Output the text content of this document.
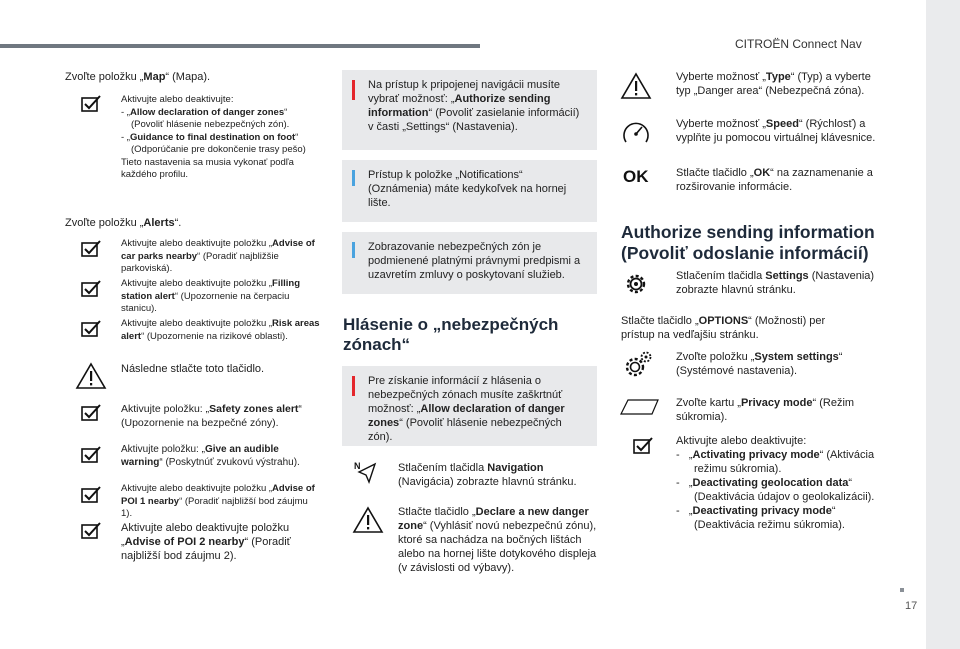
CITROËN Connect Nav
17
Zvoľte položku „Map“ (Mapa).
Aktivujte alebo deaktivujte:
- „Allow declaration of danger zones“ (Povoliť hlásenie nebezpečných zón).
- „Guidance to final destination on foot“ (Odporúčanie pre dokončenie trasy pešo)
Tieto nastavenia sa musia vykonať podľa každého profilu.
Zvoľte položku „Alerts“.
Aktivujte alebo deaktivujte položku „Advise of car parks nearby“ (Poradiť najbližšie parkoviská).
Aktivujte alebo deaktivujte položku „Filling station alert“ (Upozornenie na čerpaciu stanicu).
Aktivujte alebo deaktivujte položku „Risk areas alert“ (Upozornenie na rizikové oblasti).
Následne stlačte toto tlačidlo.
Aktivujte položku: „Safety zones alert“ (Upozornenie na bezpečné zóny).
Aktivujte položku: „Give an audible warning“ (Poskytnúť zvukovú výstrahu).
Aktivujte alebo deaktivujte položku „Advise of POI 1 nearby“ (Poradiť najbližší bod záujmu 1).
Aktivujte alebo deaktivujte položku „Advise of POI 2 nearby“ (Poradiť najbližší bod záujmu 2).
Na prístup k pripojenej navigácii musíte vybrať možnosť: „Authorize sending information“ (Povoliť zasielanie informácií) v časti „Settings“ (Nastavenia).
Prístup k položke „Notifications“ (Oznámenia) máte kedykoľvek na hornej lište.
Zobrazovanie nebezpečných zón je podmienené platnými právnymi predpismi a uzavretím zmluvy o poskytovaní služieb.
Hlásenie o „nebezpečných zónach“
Pre získanie informácií z hlásenia o nebezpečných zónach musíte zaškrtnúť možnosť: „Allow declaration of danger zones“ (Povoliť hlásenie nebezpečných zón).
N	Stlačením tlačidla Navigation (Navigácia) zobrazte hlavnú stránku.
Stlačte tlačidlo „Declare a new danger zone“ (Vyhlásiť novú nebezpečnú zónu), ktoré sa nachádza na bočných lištách alebo na hornej lište dotykového displeja (v závislosti od výbavy).
Vyberte možnosť „Type“ (Typ) a vyberte typ „Danger area“ (Nebezpečná zóna).
Vyberte možnosť „Speed“ (Rýchlosť) a vyplňte ju pomocou virtuálnej klávesnice.
OK	Stlačte tlačidlo „OK“ na zaznamenanie a rozširovanie informácie.
Authorize sending information (Povoliť odoslanie informácií)
Stlačením tlačidla Settings (Nastavenia) zobrazte hlavnú stránku.
Stlačte tlačidlo „OPTIONS“ (Možnosti) per prístup na vedľajšiu stránku.
Zvoľte položku „System settings“ (Systémové nastavenia).
Zvoľte kartu „Privacy mode“ (Režim súkromia).
Aktivujte alebo deaktivujte:
-   „Activating privacy mode“ (Aktivácia režimu súkromia).
-   „Deactivating geolocation data“ (Deaktivácia údajov o geolokalizácii).
-   „Deactivating privacy mode“ (Deaktivácia režimu súkromia).
